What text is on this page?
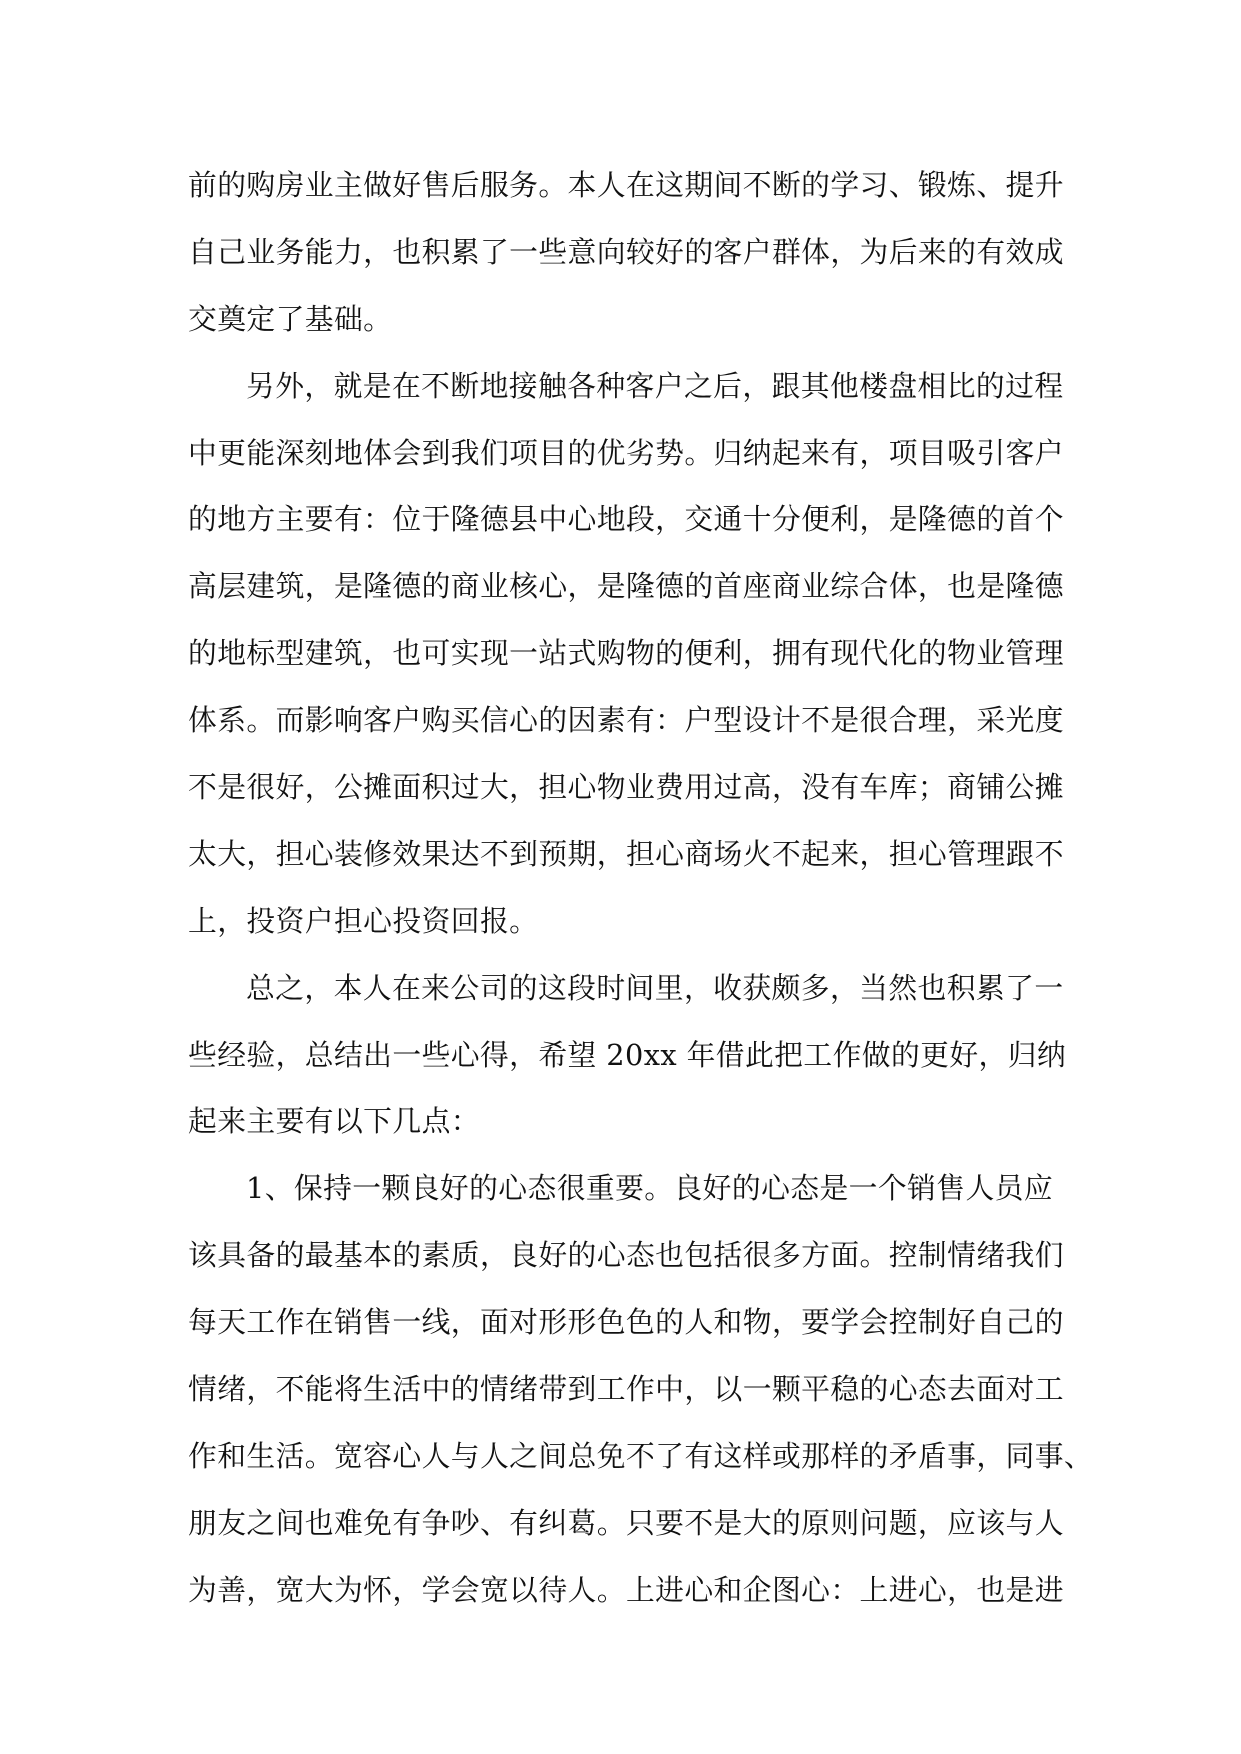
前的购房业主做好售后服务。本人在这期间不断的学习、锻炼、提升
自己业务能力，也积累了一些意向较好的客户群体，为后来的有效成
交奠定了基础。
另外，就是在不断地接触各种客户之后，跟其他楼盘相比的过程
中更能深刻地体会到我们项目的优劣势。归纳起来有，项目吸引客户
的地方主要有：位于隆德县中心地段，交通十分便利，是隆德的首个
高层建筑，是隆德的商业核心，是隆德的首座商业综合体，也是隆德
的地标型建筑，也可实现一站式购物的便利，拥有现代化的物业管理
体系。而影响客户购买信心的因素有：户型设计不是很合理，采光度
不是很好，公摊面积过大，担心物业费用过高，没有车库；商铺公摊
太大，担心装修效果达不到预期，担心商场火不起来，担心管理跟不
上，投资户担心投资回报。
总之，本人在来公司的这段时间里，收获颇多，当然也积累了一
些经验，总结出一些心得，希望 20xx 年借此把工作做的更好，归纳
起来主要有以下几点：
1、保持一颗良好的心态很重要。良好的心态是一个销售人员应
该具备的最基本的素质，良好的心态也包括很多方面。控制情绪我们
每天工作在销售一线，面对形形色色的人和物，要学会控制好自己的
情绪，不能将生活中的情绪带到工作中，以一颗平稳的心态去面对工
作和生活。宽容心人与人之间总免不了有这样或那样的矛盾事，同事、
朋友之间也难免有争吵、有纠葛。只要不是大的原则问题，应该与人
为善，宽大为怀，学会宽以待人。上进心和企图心：上进心，也是进
